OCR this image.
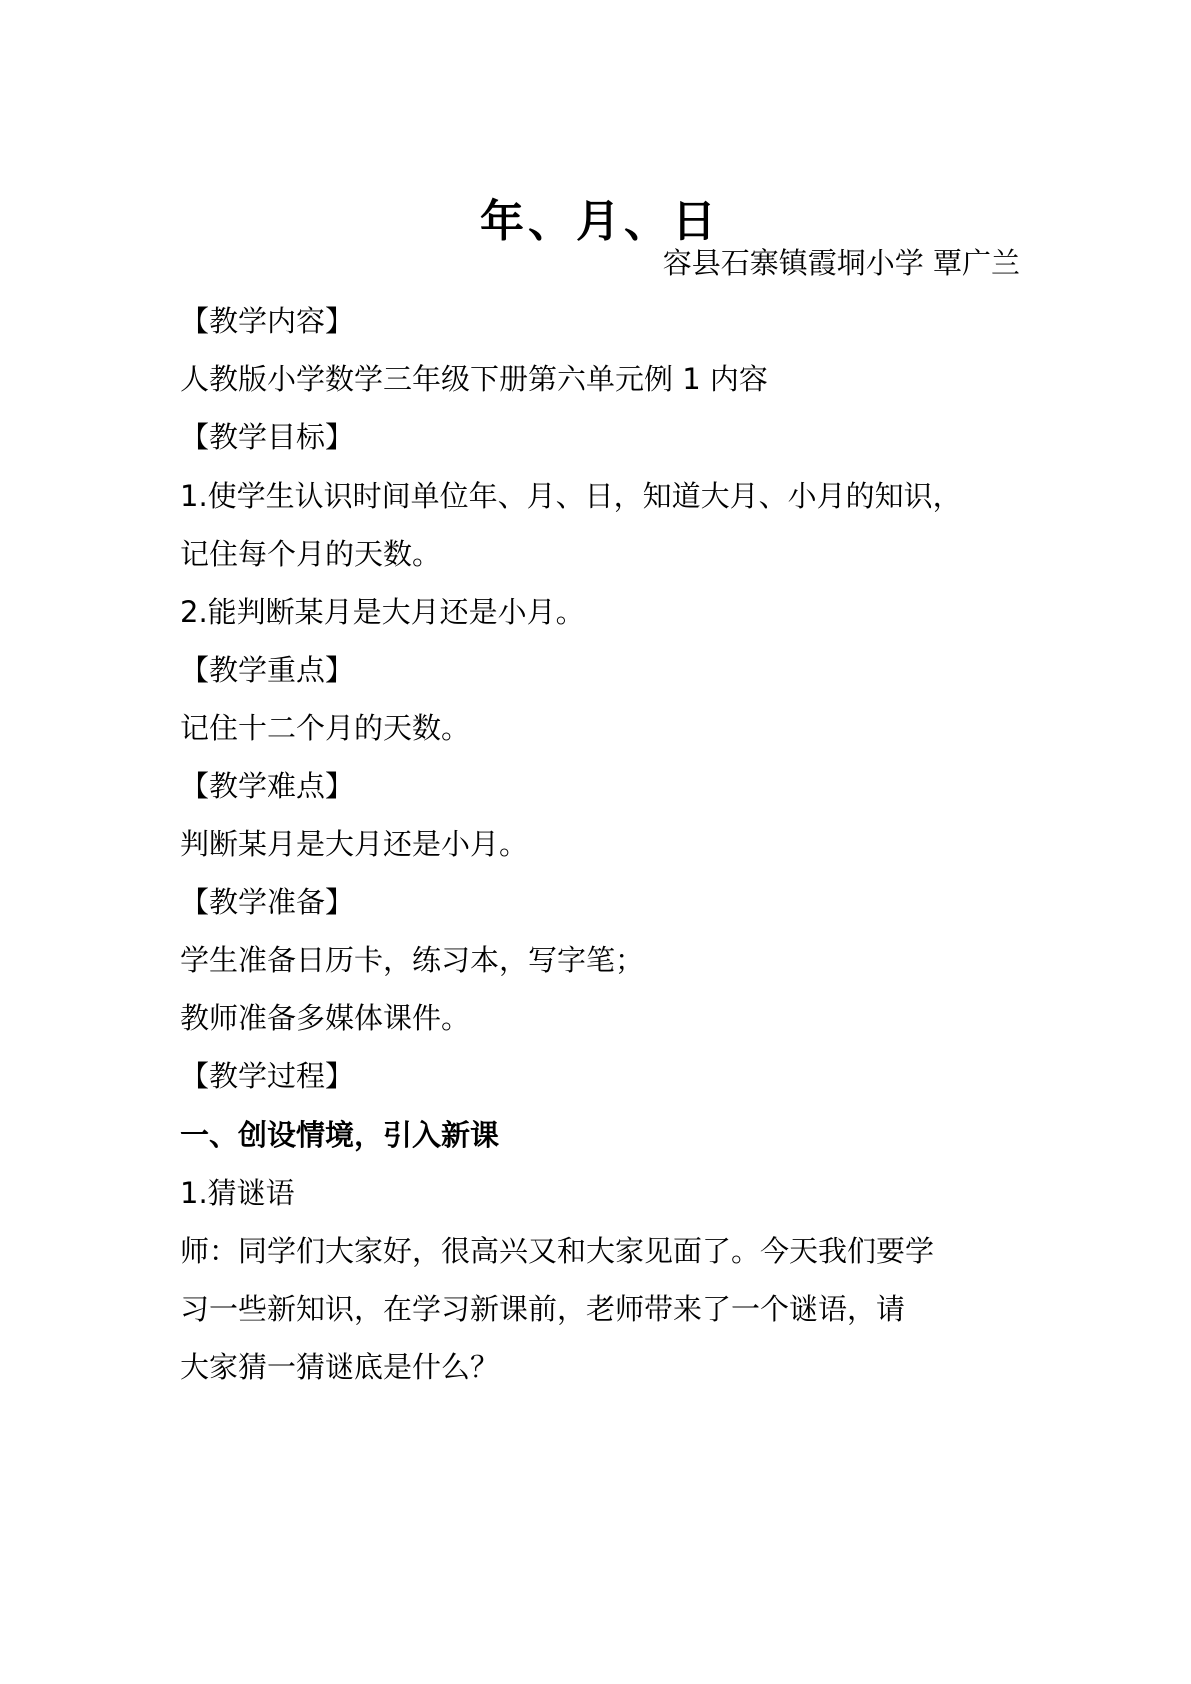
年、月、日
容县石寨镇霞垌小学 覃广兰
【教学内容】
人教版小学数学三年级下册第六单元例 1 内容
【教学目标】
1.使学生认识时间单位年、月、日，知道大月、小月的知识，
记住每个月的天数。
2.能判断某月是大月还是小月。
【教学重点】
记住十二个月的天数。
【教学难点】
判断某月是大月还是小月。
【教学准备】
学生准备日历卡，练习本，写字笔；
教师准备多媒体课件。
【教学过程】
一、创设情境，引入新课
1.猜谜语
师：同学们大家好，很高兴又和大家见面了。今天我们要学
习一些新知识，在学习新课前，老师带来了一个谜语，请
大家猜一猜谜底是什么？
